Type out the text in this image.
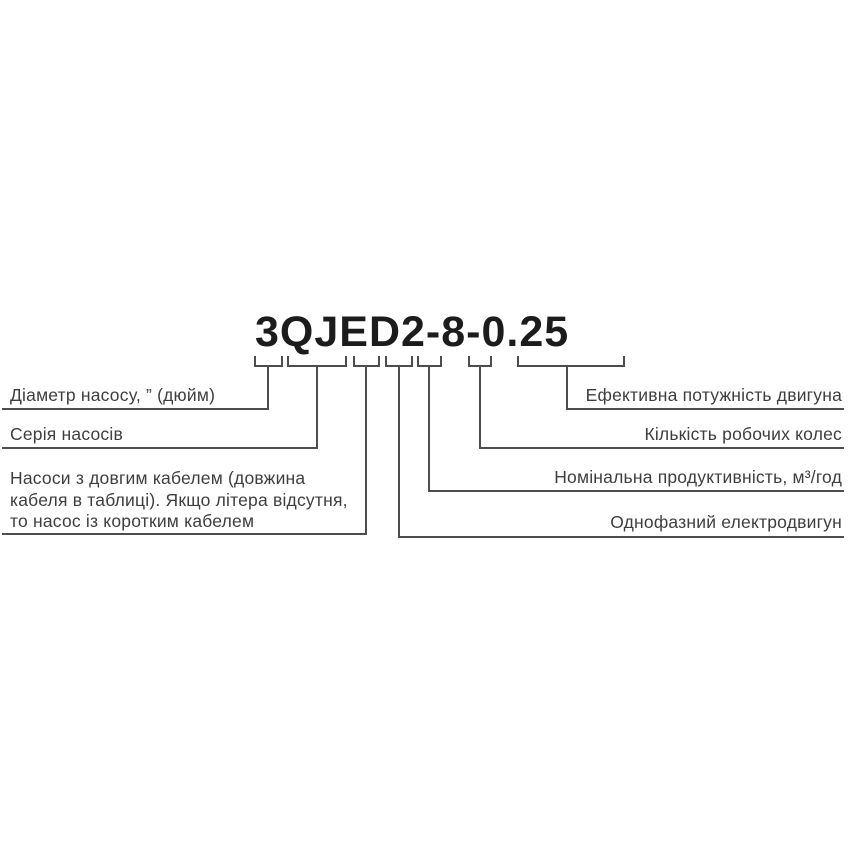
3QJED2-8-0.25
Діаметр насосу, ” (дюйм)
Серія насосів
Насоси з довгим кабелем (довжина
кабеля в таблиці). Якщо літера відсутня,
то насос із коротким кабелем
Ефективна потужність двигуна
Кількість робочих колес
Номінальна продуктивність, м³/год
Однофазний електродвигун
